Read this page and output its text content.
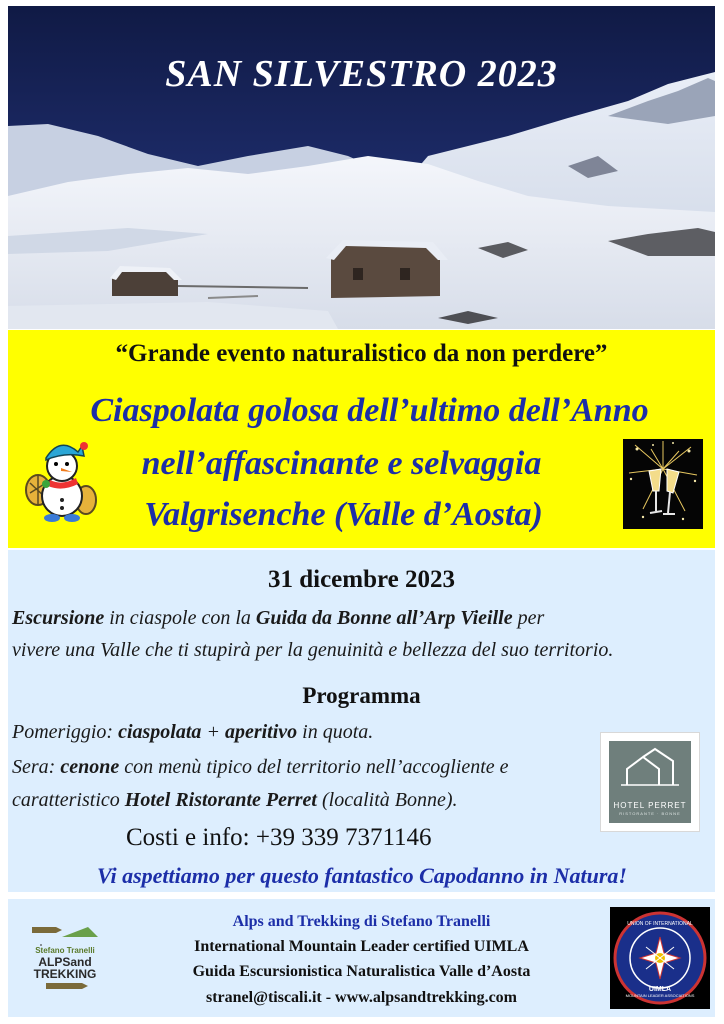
SAN SILVESTRO 2023
“Grande evento naturalistico da non perdere”
Ciaspolata golosa dell’ultimo dell’Anno
nell’affascinante e selvaggia
Valgrisenche (Valle d’Aosta)
31 dicembre 2023
Escursione in ciaspole con la Guida da Bonne all’Arp Vieille per
vivere una Valle che ti stupirà per la genuinità e bellezza del suo territorio.
Programma
Pomeriggio: ciaspolata + aperitivo in quota.
Sera: cenone con menù tipico del territorio nell’accogliente e
caratteristico Hotel Ristorante Perret (località Bonne).
Costi e info: +39 339 7371146
HOTEL PERRET
RISTORANTE · BONNE
Vi aspettiamo per questo fantastico Capodanno in Natura!
Stefano Tranelli
ALPSand
TREKKING
Alps and Trekking di Stefano Tranelli
International Mountain Leader certified UIMLA
Guida Escursionistica Naturalistica Valle d’Aosta
stranel@tiscali.it - www.alpsandtrekking.com
UNION OF INTERNATIONAL
MOUNTAIN LEADER ASSOCIATIONS
UIMLA
